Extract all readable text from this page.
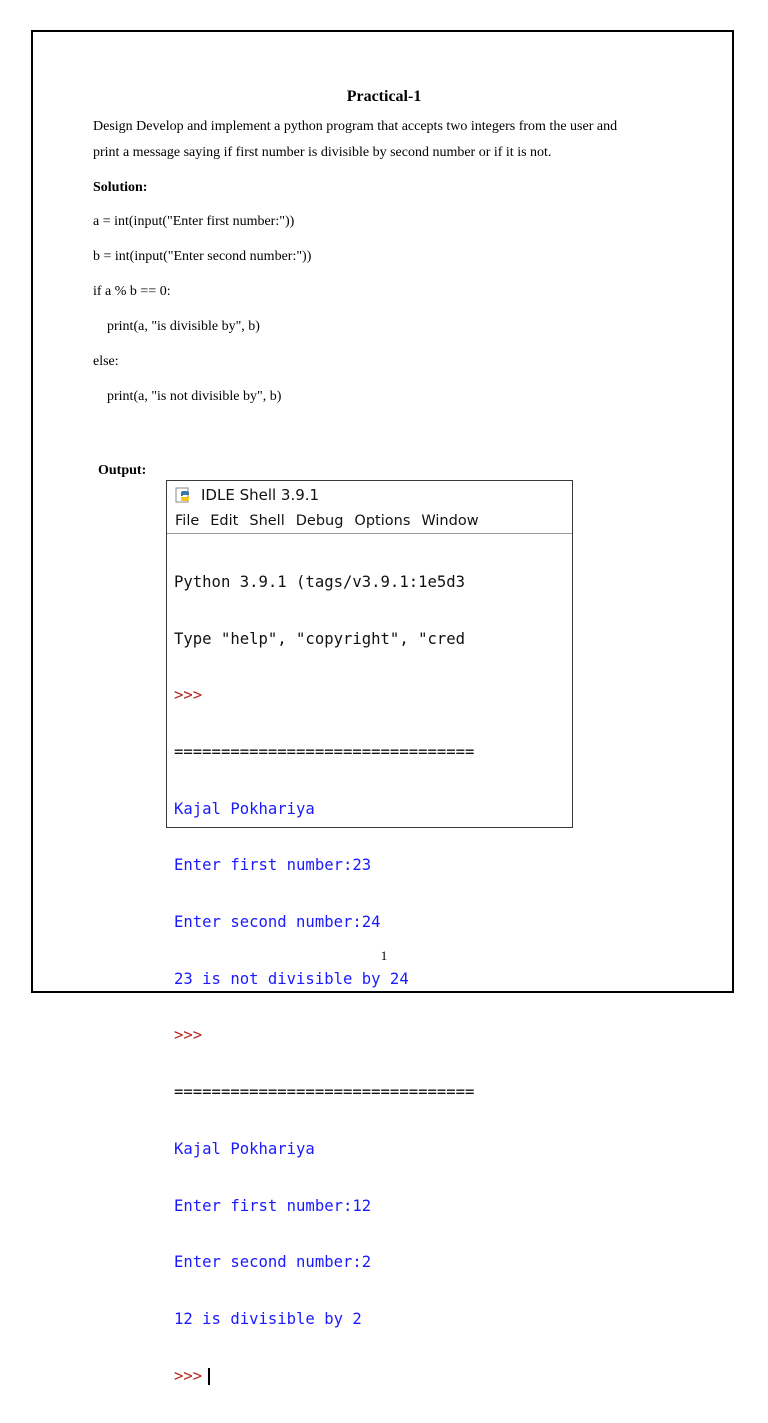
Practical-1
Design Develop and implement a python program that accepts two integers from the user and
print a message saying if first number is divisible by second number or if it is not.
Solution:
a = int(input("Enter first number:"))
b = int(input("Enter second number:"))
if a % b == 0:
print(a, "is divisible by", b)
else:
print(a, "is not divisible by", b)
Output:
IDLE Shell 3.9.1
File Edit Shell Debug Options Window

Python 3.9.1 (tags/v3.9.1:1e5d3

Type "help", "copyright", "cred

>>>

================================

Kajal Pokhariya

Enter first number:23

Enter second number:24

23 is not divisible by 24

>>>

================================

Kajal Pokhariya

Enter first number:12

Enter second number:2

12 is divisible by 2

>>>

1
